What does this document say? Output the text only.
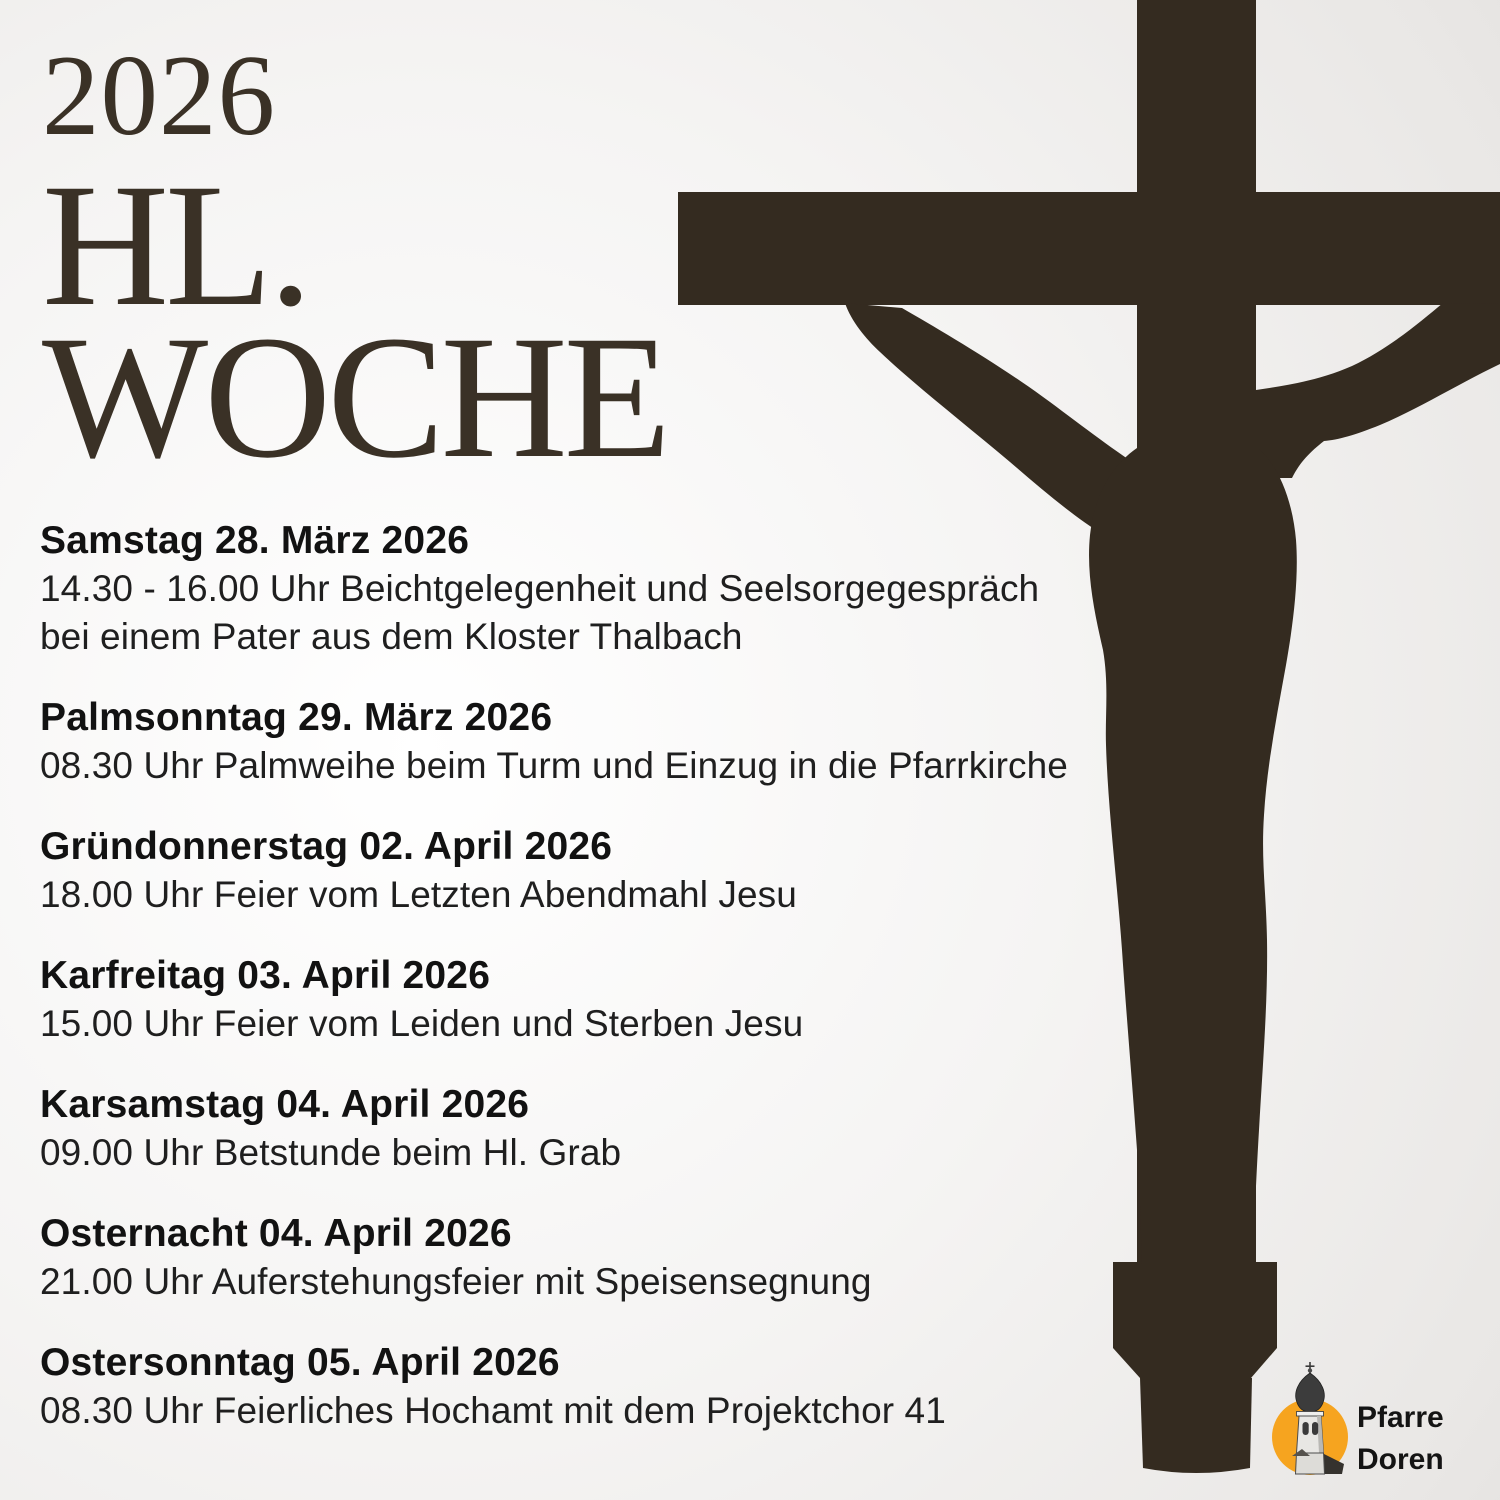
2026
HL.
WOCHE
Samstag 28. März 2026
14.30 - 16.00 Uhr Beichtgelegenheit und Seelsorgegespräch
bei einem Pater aus dem Kloster Thalbach
Palmsonntag 29. März 2026
08.30 Uhr Palmweihe beim Turm und Einzug in die Pfarrkirche
Gründonnerstag 02. April 2026
18.00 Uhr Feier vom Letzten Abendmahl Jesu
Karfreitag 03. April 2026
15.00 Uhr Feier vom Leiden und Sterben Jesu
Karsamstag 04. April 2026
09.00 Uhr Betstunde beim Hl. Grab
Osternacht 04. April 2026
21.00 Uhr Auferstehungsfeier mit Speisensegnung
Ostersonntag 05. April 2026
08.30 Uhr Feierliches Hochamt mit dem Projektchor 41	Pfarre
Doren
